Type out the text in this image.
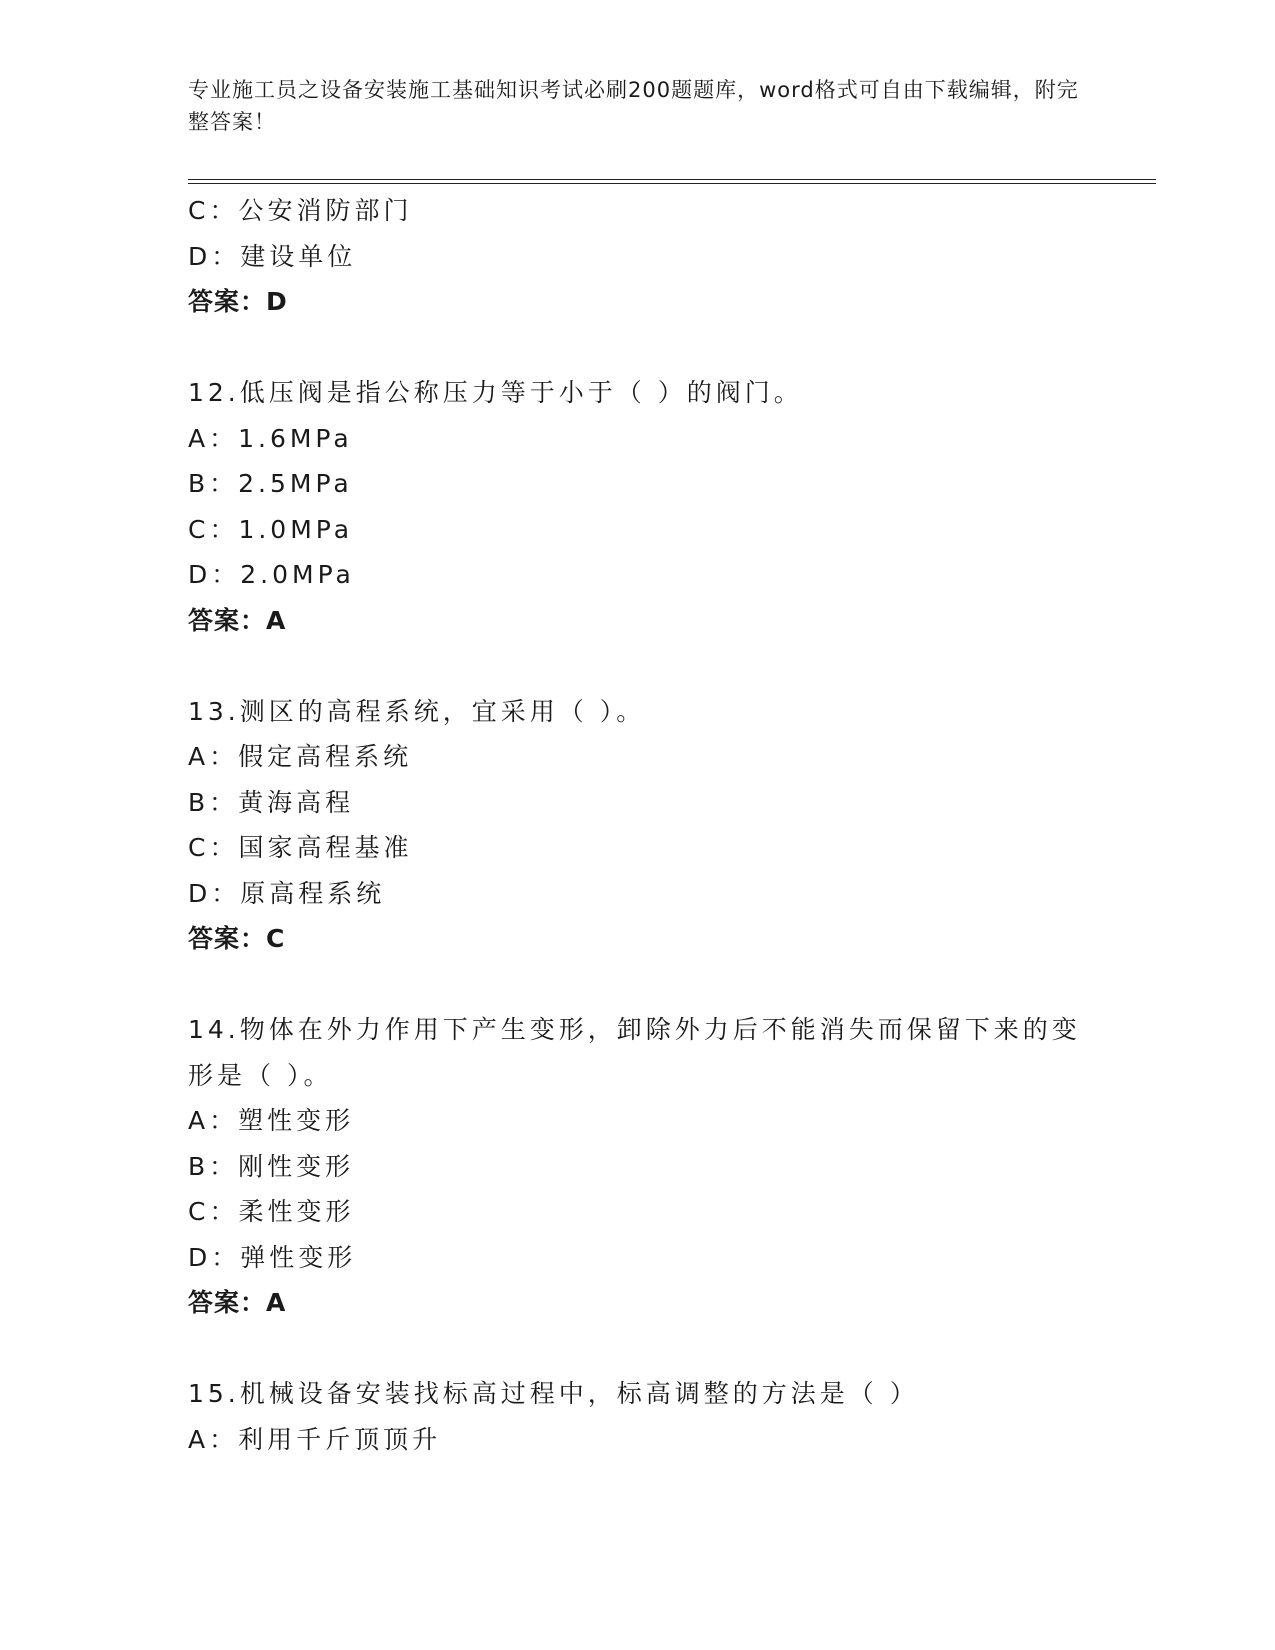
专业施工员之设备安装施工基础知识考试必刷200题题库，word格式可自由下载编辑，附完整答案！
C：公安消防部门
D：建设单位
答案：D
12.低压阀是指公称压力等于小于（ ）的阀门。
A：1.6MPa
B：2.5MPa
C：1.0MPa
D：2.0MPa
答案：A
13.测区的高程系统，宜采用（ ）。
A：假定高程系统
B：黄海高程
C：国家高程基准
D：原高程系统
答案：C
14.物体在外力作用下产生变形，卸除外力后不能消失而保留下来的变形是（ ）。
A：塑性变形
B：刚性变形
C：柔性变形
D：弹性变形
答案：A
15.机械设备安装找标高过程中，标高调整的方法是（ ）
A：利用千斤顶顶升
